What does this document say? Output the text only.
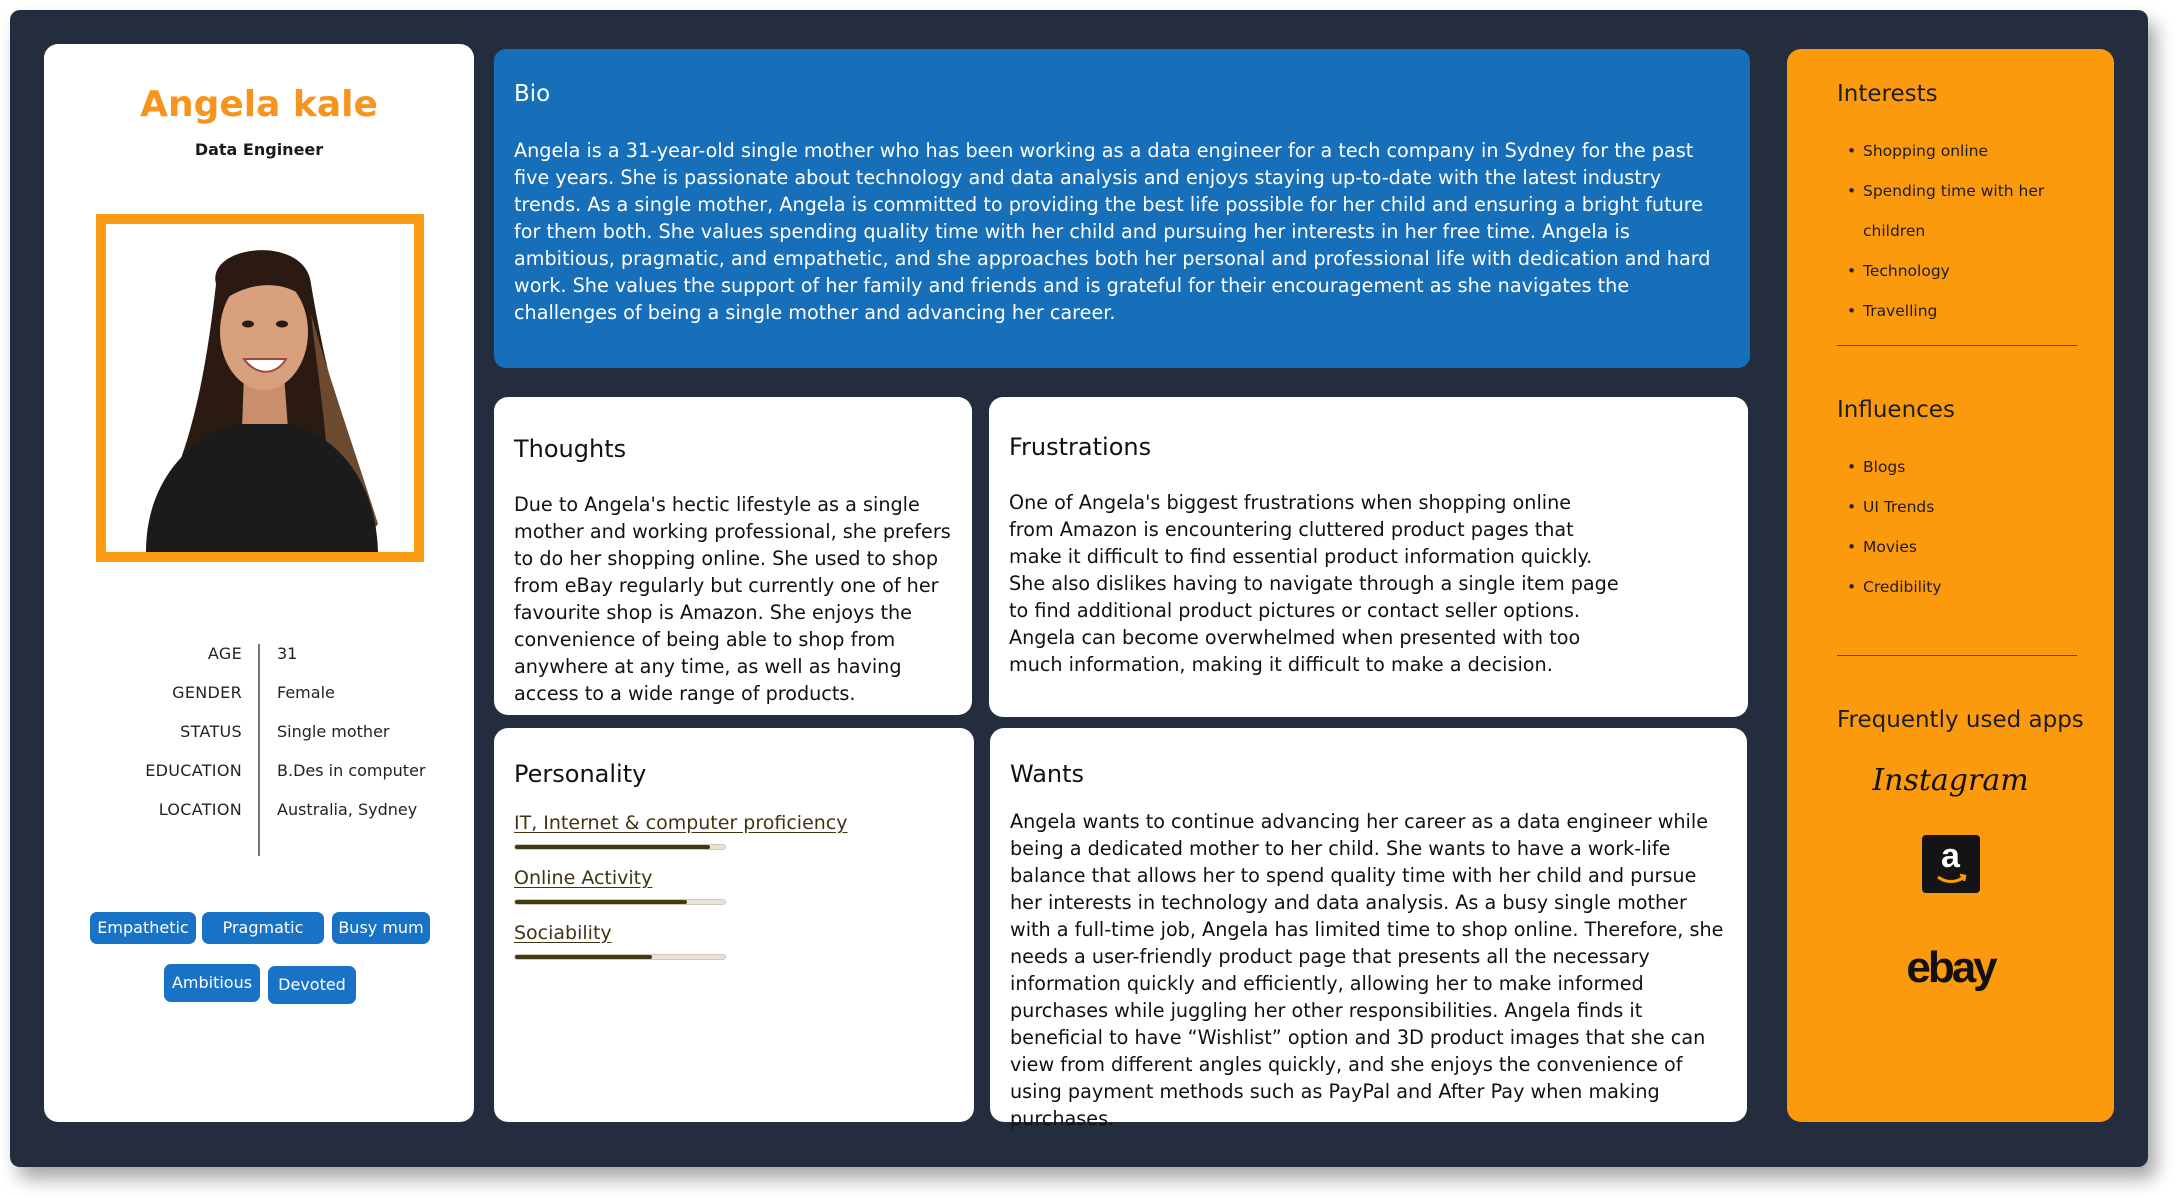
Angela kale
Data Engineer
AGE 31
GENDER Female
STATUS Single mother
EDUCATION B.Des in computer
LOCATION Australia, Sydney
Empathetic	Pragmatic	Busy mum
Ambitious	Devoted
Bio

Angela is a 31-year-old single mother who has been working as a data engineer for a tech company in Sydney for the past five years. She is passionate about technology and data analysis and enjoys staying up-to-date with the latest industry trends. As a single mother, Angela is committed to providing the best life possible for her child and ensuring a bright future for them both. She values spending quality time with her child and pursuing her interests in her free time. Angela is ambitious, pragmatic, and empathetic, and she approaches both her personal and professional life with dedication and hard work. She values the support of her family and friends and is grateful for their encouragement as she navigates the challenges of being a single mother and advancing her career.

Thoughts
Due to Angela's hectic lifestyle as a single mother and working professional, she prefers to do her shopping online. She used to shop from eBay regularly but currently one of her favourite shop is Amazon. She enjoys the convenience of being able to shop from anywhere at any time, as well as having access to a wide range of products.
Frustrations
One of Angela's biggest frustrations when shopping online from Amazon is encountering cluttered product pages that make it difficult to find essential product information quickly. She also dislikes having to navigate through a single item page to find additional product pictures or contact seller options. Angela can become overwhelmed when presented with too much information, making it difficult to make a decision.
Personality
IT, Internet & computer proficiency
Online Activity
Sociability
Wants
Angela wants to continue advancing her career as a data engineer while being a dedicated mother to her child. She wants to have a work-life balance that allows her to spend quality time with her child and pursue her interests in technology and data analysis. As a busy single mother with a full-time job, Angela has limited time to shop online. Therefore, she needs a user-friendly product page that presents all the necessary information quickly and efficiently, allowing her to make informed purchases while juggling her other responsibilities. Angela finds it beneficial to have “Wishlist” option and 3D product images that she can view from different angles quickly, and she enjoys the convenience of using payment methods such as PayPal and After Pay when making purchases.
Interests
• Shopping online
• Spending time with her children
• Technology
• Travelling
Influences
• Blogs
• UI Trends
• Movies
• Credibility
Frequently used apps
Instagram
a
ebay
